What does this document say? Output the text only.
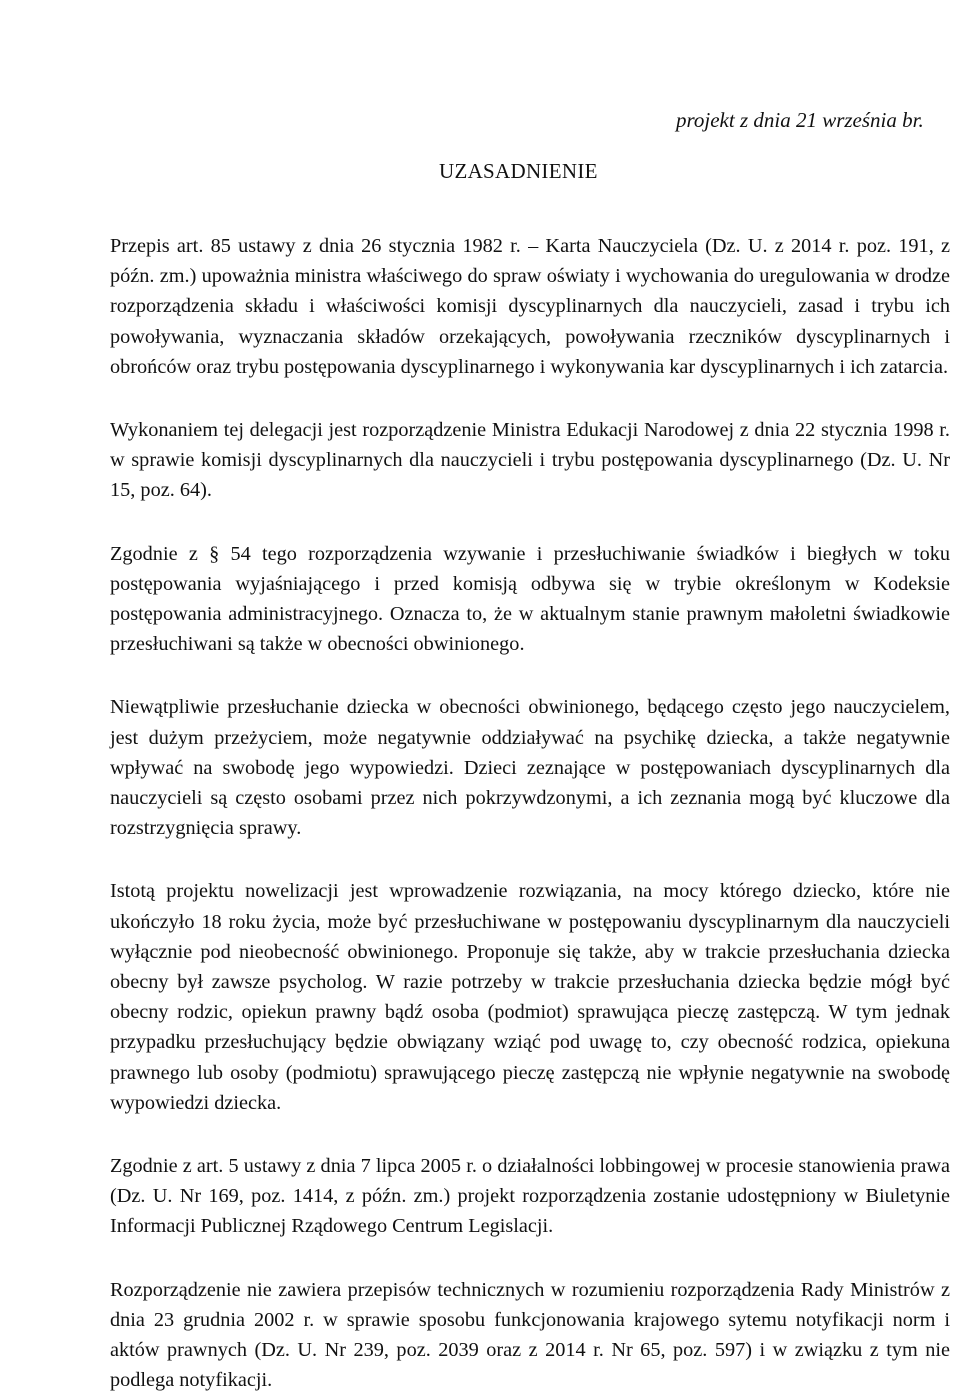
projekt z dnia 21 września br.
UZASADNIENIE

Przepis art. 85 ustawy z dnia 26 stycznia 1982 r. – Karta Nauczyciela (Dz. U. z 2014 r. poz. 191, z późn. zm.) upoważnia ministra właściwego do spraw oświaty i wychowania do uregulowania w drodze rozporządzenia składu i właściwości komisji dyscyplinarnych dla nauczycieli, zasad i trybu ich powoływania, wyznaczania składów orzekających, powoływania rzeczników dyscyplinarnych i obrońców oraz trybu postępowania dyscyplinarnego i wykonywania kar dyscyplinarnych i ich zatarcia.

Wykonaniem tej delegacji jest rozporządzenie Ministra Edukacji Narodowej z dnia 22 stycznia 1998 r. w sprawie komisji dyscyplinarnych dla nauczycieli i trybu postępowania dyscyplinarnego (Dz. U. Nr 15, poz. 64).

Zgodnie z § 54 tego rozporządzenia wzywanie i przesłuchiwanie świadków i biegłych w toku postępowania wyjaśniającego i przed komisją odbywa się w trybie określonym w Kodeksie postępowania administracyjnego. Oznacza to, że w aktualnym stanie prawnym małoletni świadkowie przesłuchiwani są także w obecności obwinionego.

Niewątpliwie przesłuchanie dziecka w obecności obwinionego, będącego często jego nauczycielem, jest dużym przeżyciem, może negatywnie oddziaływać na psychikę dziecka, a także negatywnie wpływać na swobodę jego wypowiedzi. Dzieci zeznające w postępowaniach dyscyplinarnych dla nauczycieli są często osobami przez nich pokrzywdzonymi, a ich zeznania mogą być kluczowe dla rozstrzygnięcia sprawy.

Istotą projektu nowelizacji jest wprowadzenie rozwiązania, na mocy którego dziecko, które nie ukończyło 18 roku życia, może być przesłuchiwane w postępowaniu dyscyplinarnym dla nauczycieli wyłącznie pod nieobecność obwinionego. Proponuje się także, aby w trakcie przesłuchania dziecka obecny był zawsze psycholog. W razie potrzeby w trakcie przesłuchania dziecka będzie mógł być obecny rodzic, opiekun prawny bądź osoba (podmiot) sprawująca pieczę zastępczą. W tym jednak przypadku przesłuchujący będzie obwiązany wziąć pod uwagę to, czy obecność rodzica, opiekuna prawnego lub osoby (podmiotu) sprawującego pieczę zastępczą nie wpłynie negatywnie na swobodę wypowiedzi dziecka.

Zgodnie z art. 5 ustawy z dnia 7 lipca 2005 r. o działalności lobbingowej w procesie stanowienia prawa (Dz. U. Nr 169, poz. 1414, z późn. zm.) projekt rozporządzenia zostanie udostępniony w Biuletynie Informacji Publicznej Rządowego Centrum Legislacji.

Rozporządzenie nie zawiera przepisów technicznych w rozumieniu rozporządzenia Rady Ministrów z dnia 23 grudnia 2002 r. w sprawie sposobu funkcjonowania krajowego sytemu notyfikacji norm i aktów prawnych (Dz. U. Nr 239, poz. 2039 oraz z 2014 r. Nr 65, poz. 597) i w związku z tym nie podlega notyfikacji.
